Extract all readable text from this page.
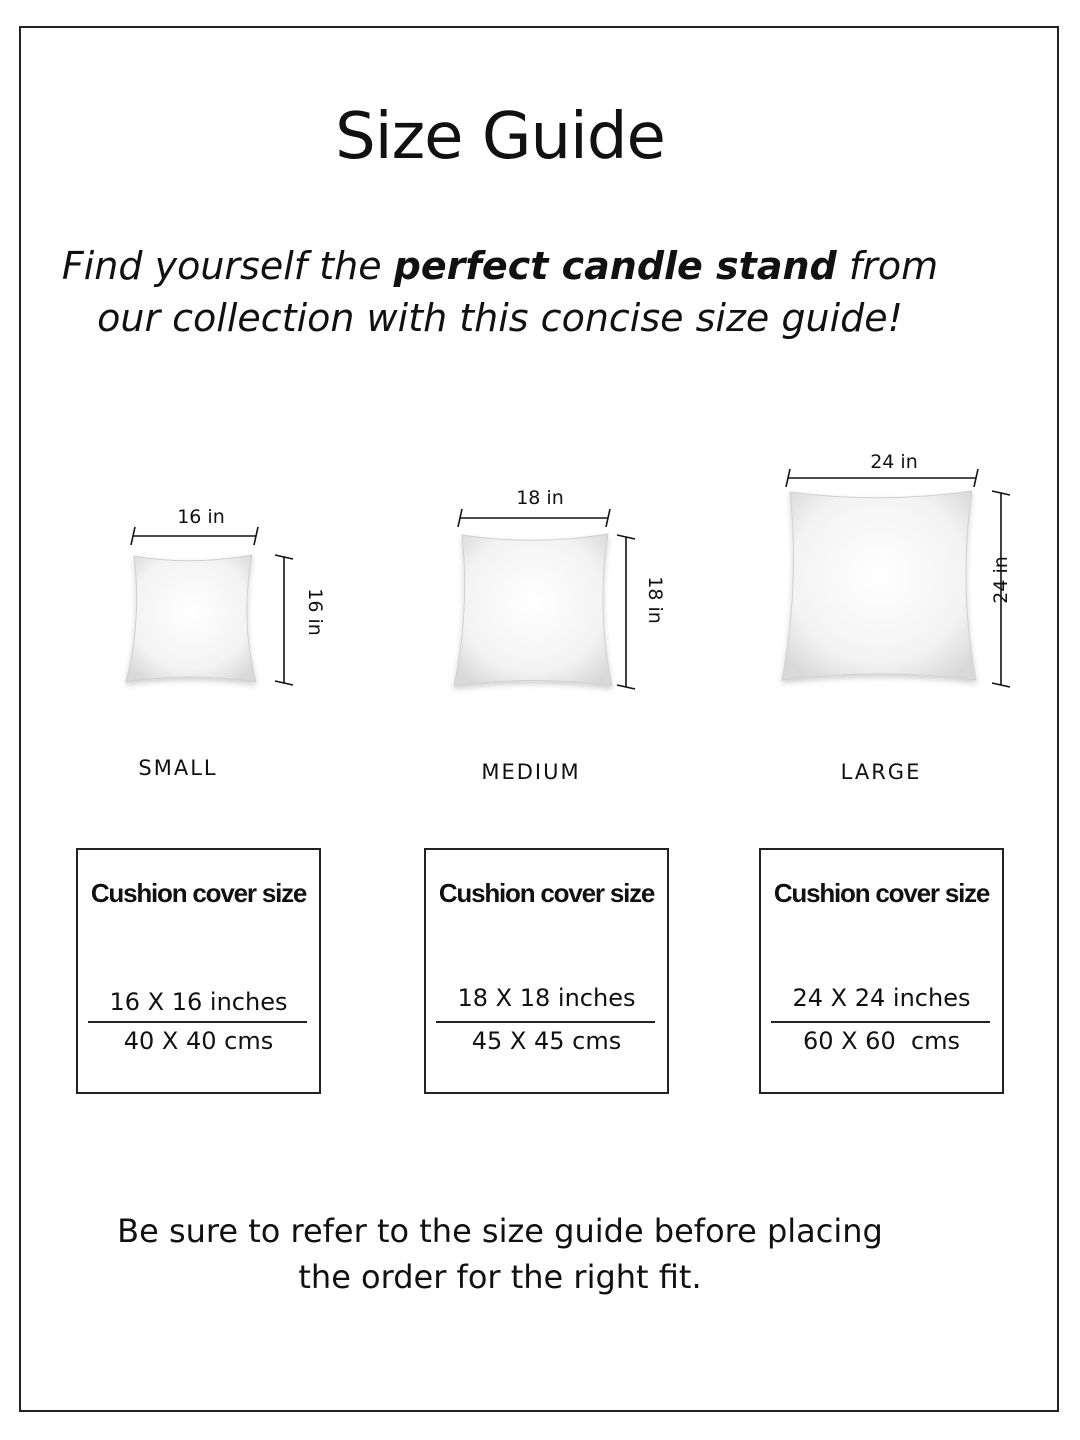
Size Guide
Find yourself the perfect candle stand from
our collection with this concise size guide!
16 in
16 in
18 in
18 in
24 in
24 in
SMALL	MEDIUM	LARGE
Cushion cover size
16 X 16 inches
40 X 40 cms
Cushion cover size
18 X 18 inches
45 X 45 cms
Cushion cover size
24 X 24 inches
60 X 60  cms
Be sure to refer to the size guide before placing
the order for the right fit.
